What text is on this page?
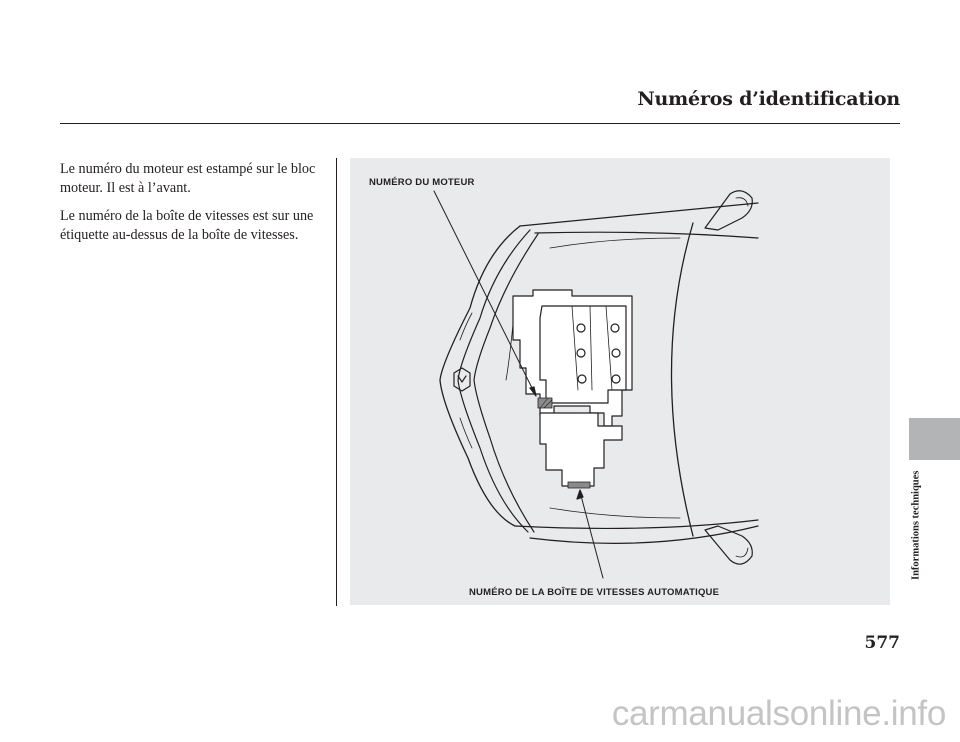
Numéros d’identification

Le numéro du moteur est estampé sur le bloc moteur. Il est à l’avant.

Le numéro de la boîte de vitesses est sur une étiquette au-dessus de la boîte de vitesses.

NUMÉRO DU MOTEUR
NUMÉRO DE LA BOÎTE DE VITESSES AUTOMATIQUE
Informations techniques
577
carmanualsonline.info
